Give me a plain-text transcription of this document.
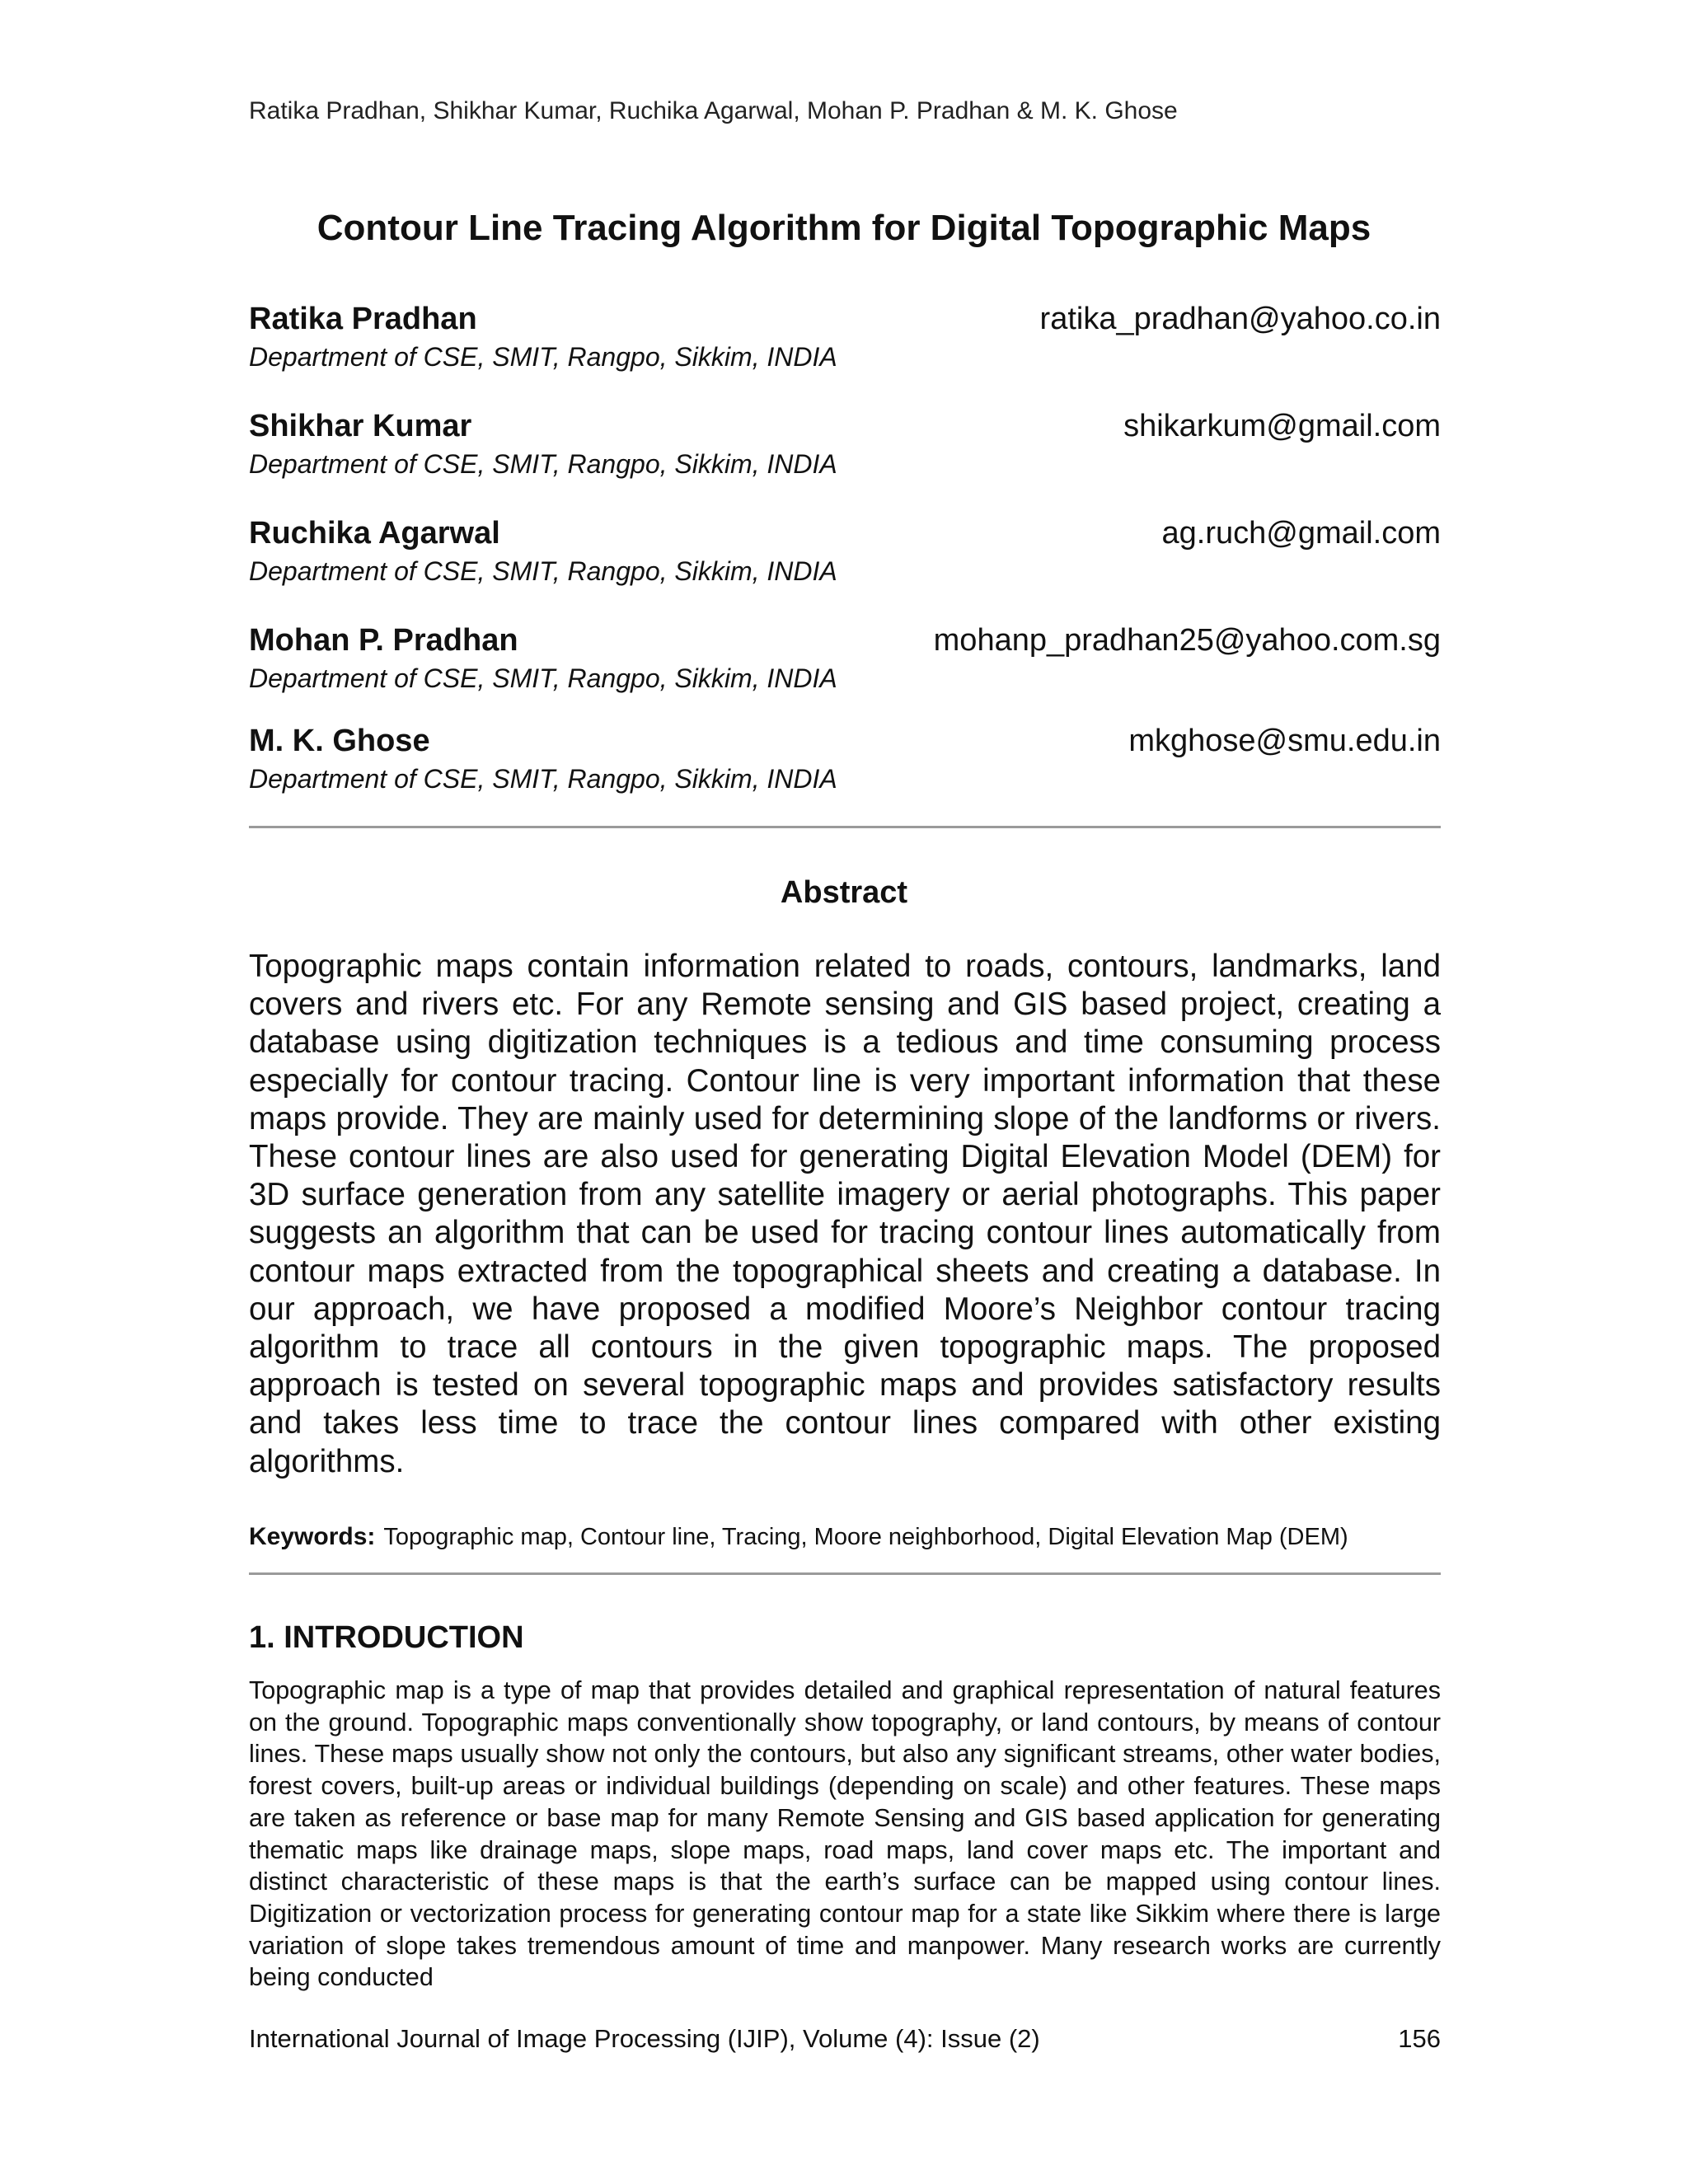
Ratika Pradhan, Shikhar Kumar, Ruchika Agarwal, Mohan P. Pradhan & M. K. Ghose
Contour Line Tracing Algorithm for Digital Topographic Maps
Ratika Pradhan	ratika_pradhan@yahoo.co.in
Department of CSE, SMIT, Rangpo, Sikkim, INDIA
Shikhar Kumar	shikarkum@gmail.com
Department of CSE, SMIT, Rangpo, Sikkim, INDIA
Ruchika Agarwal	ag.ruch@gmail.com
Department of CSE, SMIT, Rangpo, Sikkim, INDIA
Mohan P. Pradhan	mohanp_pradhan25@yahoo.com.sg
Department of CSE, SMIT, Rangpo, Sikkim, INDIA
M. K. Ghose	mkghose@smu.edu.in
Department of CSE, SMIT, Rangpo, Sikkim, INDIA
Abstract
Topographic maps contain information related to roads, contours, landmarks, land covers and rivers etc. For any Remote sensing and GIS based project, creating a database using digitization techniques is a tedious and time consuming process especially for contour tracing. Contour line is very important information that these maps provide. They are mainly used for determining slope of the landforms or rivers. These contour lines are also used for generating Digital Elevation Model (DEM) for 3D surface generation from any satellite imagery or aerial photographs. This paper suggests an algorithm that can be used for tracing contour lines automatically from contour maps extracted from the topographical sheets and creating a database. In our approach, we have proposed a modified Moore’s Neighbor contour tracing algorithm to trace all contours in the given topographic maps. The proposed approach is tested on several topographic maps and provides satisfactory results and takes less time to trace the contour lines compared with other existing algorithms.
Keywords: Topographic map, Contour line, Tracing, Moore neighborhood, Digital Elevation Map (DEM)
1. INTRODUCTION
Topographic map is a type of map that provides detailed and graphical representation of natural features on the ground. Topographic maps conventionally show topography, or land contours, by means of contour lines. These maps usually show not only the contours, but also any significant streams, other water bodies, forest covers, built-up areas or individual buildings (depending on scale) and other features. These maps are taken as reference or base map for many Remote Sensing and GIS based application for generating thematic maps like drainage maps, slope maps, road maps, land cover maps etc. The important and distinct characteristic of these maps is that the earth’s surface can be mapped using contour lines. Digitization or vectorization process for generating contour map for a state like Sikkim where there is large variation of slope takes tremendous amount of time and manpower. Many research works are currently being conducted
International Journal of Image Processing (IJIP), Volume (4): Issue (2)	156
